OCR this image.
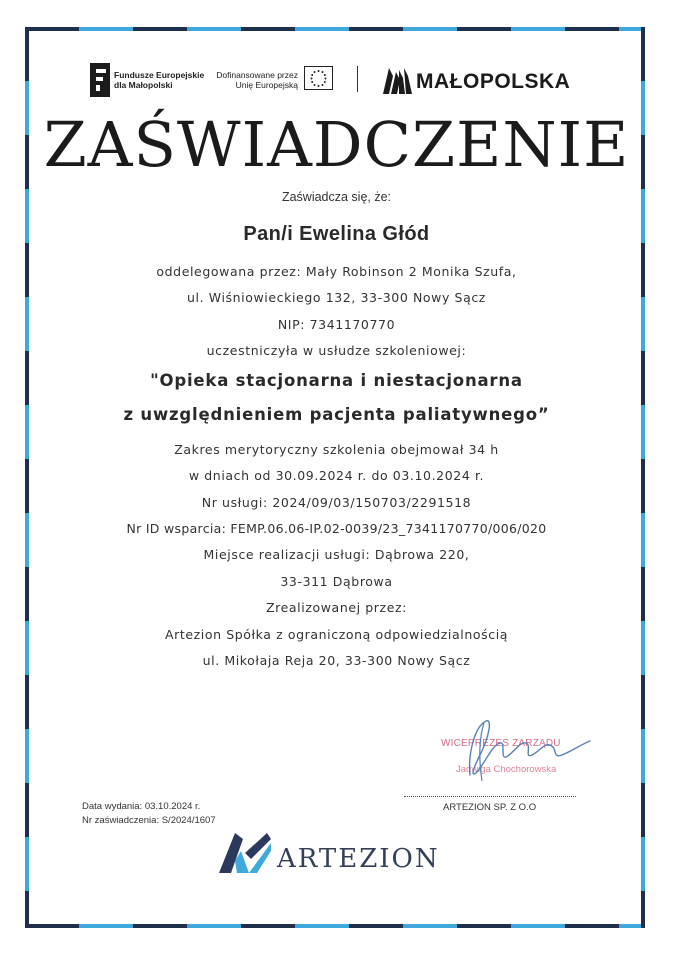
Fundusze Europejskie
dla Małopolski
Dofinansowane przez
Unię Europejską	MAŁOPOLSKA
ZAŚWIADCZENIE
Zaświadcza się, że:
Pan/i Ewelina Głód
oddelegowana przez: Mały Robinson 2 Monika Szufa,
ul. Wiśniowieckiego 132, 33-300 Nowy Sącz
NIP: 7341170770
uczestniczyła w usłudze szkoleniowej:
"Opieka stacjonarna i niestacjonarna
z uwzględnieniem pacjenta paliatywnego”
Zakres merytoryczny szkolenia obejmował 34 h
w dniach od 30.09.2024 r. do 03.10.2024 r.
Nr usługi: 2024/09/03/150703/2291518
Nr ID wsparcia: FEMP.06.06-IP.02-0039/23_7341170770/006/020
Miejsce realizacji usługi: Dąbrowa 220,
33-311 Dąbrowa
Zrealizowanej przez:
Artezion Spółka z ograniczoną odpowiedzialnością
ul. Mikołaja Reja 20, 33-300 Nowy Sącz
WICEPREZES ZARZĄDU
Jadwiga Chochorowska
ARTEZION SP. Z O.O
Data wydania: 03.10.2024 r.
Nr zaświadczenia: S/2024/1607
ARTEZION
